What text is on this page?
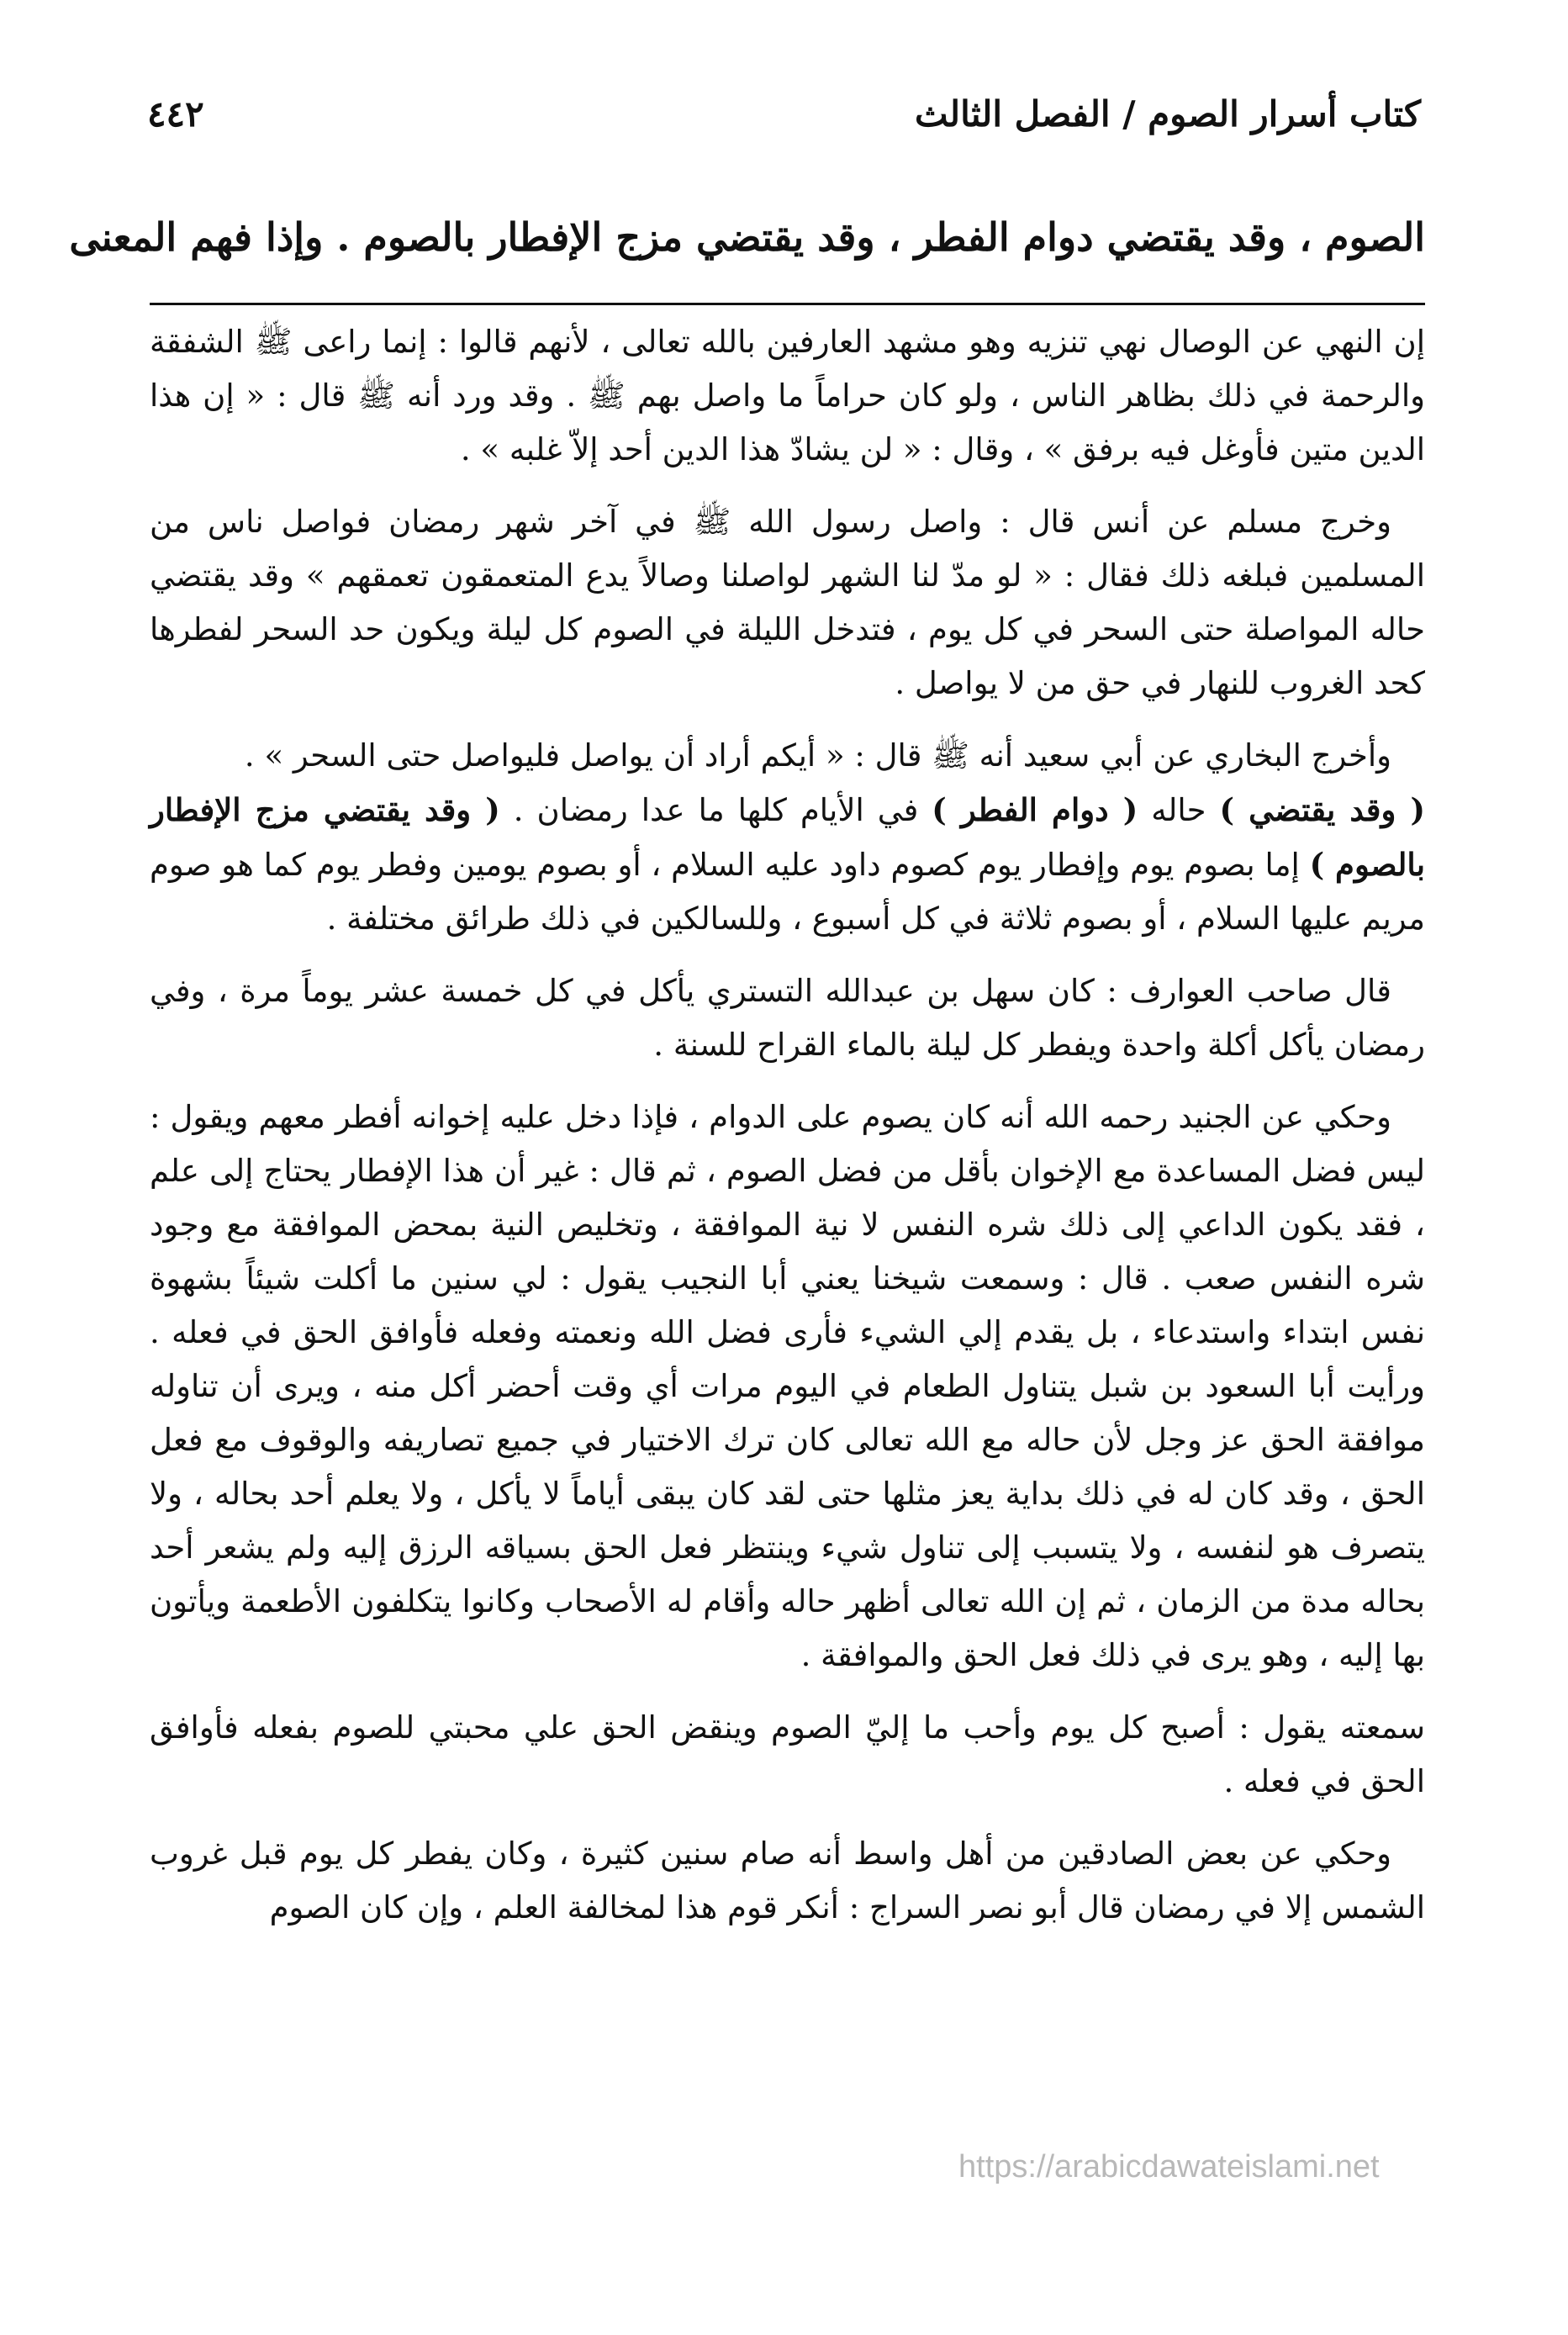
كتاب أسرار الصوم / الفصل الثالث
٤٤٢
الصوم ، وقد يقتضي دوام الفطر ، وقد يقتضي مزج الإفطار بالصوم . وإذا فهم المعنى

إن النهي عن الوصال نهي تنزيه وهو مشهد العارفين بالله تعالى ، لأنهم قالوا : إنما راعى ﷺ الشفقة والرحمة في ذلك بظاهر الناس ، ولو كان حراماً ما واصل بهم ﷺ . وقد ورد أنه ﷺ قال : « إن هذا الدين متين فأوغل فيه برفق » ، وقال : « لن يشادّ هذا الدين أحد إلاّ غلبه » .

وخرج مسلم عن أنس قال : واصل رسول الله ﷺ في آخر شهر رمضان فواصل ناس من المسلمين فبلغه ذلك فقال : « لو مدّ لنا الشهر لواصلنا وصالاً يدع المتعمقون تعمقهم » وقد يقتضي حاله المواصلة حتى السحر في كل يوم ، فتدخل الليلة في الصوم كل ليلة ويكون حد السحر لفطرها كحد الغروب للنهار في حق من لا يواصل .

وأخرج البخاري عن أبي سعيد أنه ﷺ قال : « أيكم أراد أن يواصل فليواصل حتى السحر » .
( وقد يقتضي ) حاله ( دوام الفطر ) في الأيام كلها ما عدا رمضان . ( وقد يقتضي مزج الإفطار بالصوم ) إما بصوم يوم وإفطار يوم كصوم داود عليه السلام ، أو بصوم يومين وفطر يوم كما هو صوم مريم عليها السلام ، أو بصوم ثلاثة في كل أسبوع ، وللسالكين في ذلك طرائق مختلفة .

قال صاحب العوارف : كان سهل بن عبدالله التستري يأكل في كل خمسة عشر يوماً مرة ، وفي رمضان يأكل أكلة واحدة ويفطر كل ليلة بالماء القراح للسنة .

وحكي عن الجنيد رحمه الله أنه كان يصوم على الدوام ، فإذا دخل عليه إخوانه أفطر معهم ويقول : ليس فضل المساعدة مع الإخوان بأقل من فضل الصوم ، ثم قال : غير أن هذا الإفطار يحتاج إلى علم ، فقد يكون الداعي إلى ذلك شره النفس لا نية الموافقة ، وتخليص النية بمحض الموافقة مع وجود شره النفس صعب . قال : وسمعت شيخنا يعني أبا النجيب يقول : لي سنين ما أكلت شيئاً بشهوة نفس ابتداء واستدعاء ، بل يقدم إلي الشيء فأرى فضل الله ونعمته وفعله فأوافق الحق في فعله . ورأيت أبا السعود بن شبل يتناول الطعام في اليوم مرات أي وقت أحضر أكل منه ، ويرى أن تناوله موافقة الحق عز وجل لأن حاله مع الله تعالى كان ترك الاختيار في جميع تصاريفه والوقوف مع فعل الحق ، وقد كان له في ذلك بداية يعز مثلها حتى لقد كان يبقى أياماً لا يأكل ، ولا يعلم أحد بحاله ، ولا يتصرف هو لنفسه ، ولا يتسبب إلى تناول شيء وينتظر فعل الحق بسياقه الرزق إليه ولم يشعر أحد بحاله مدة من الزمان ، ثم إن الله تعالى أظهر حاله وأقام له الأصحاب وكانوا يتكلفون الأطعمة ويأتون بها إليه ، وهو يرى في ذلك فعل الحق والموافقة .

سمعته يقول : أصبح كل يوم وأحب ما إليّ الصوم وينقض الحق علي محبتي للصوم بفعله فأوافق الحق في فعله .

وحكي عن بعض الصادقين من أهل واسط أنه صام سنين كثيرة ، وكان يفطر كل يوم قبل غروب الشمس إلا في رمضان قال أبو نصر السراج : أنكر قوم هذا لمخالفة العلم ، وإن كان الصوم

https://arabicdawateislami.net
